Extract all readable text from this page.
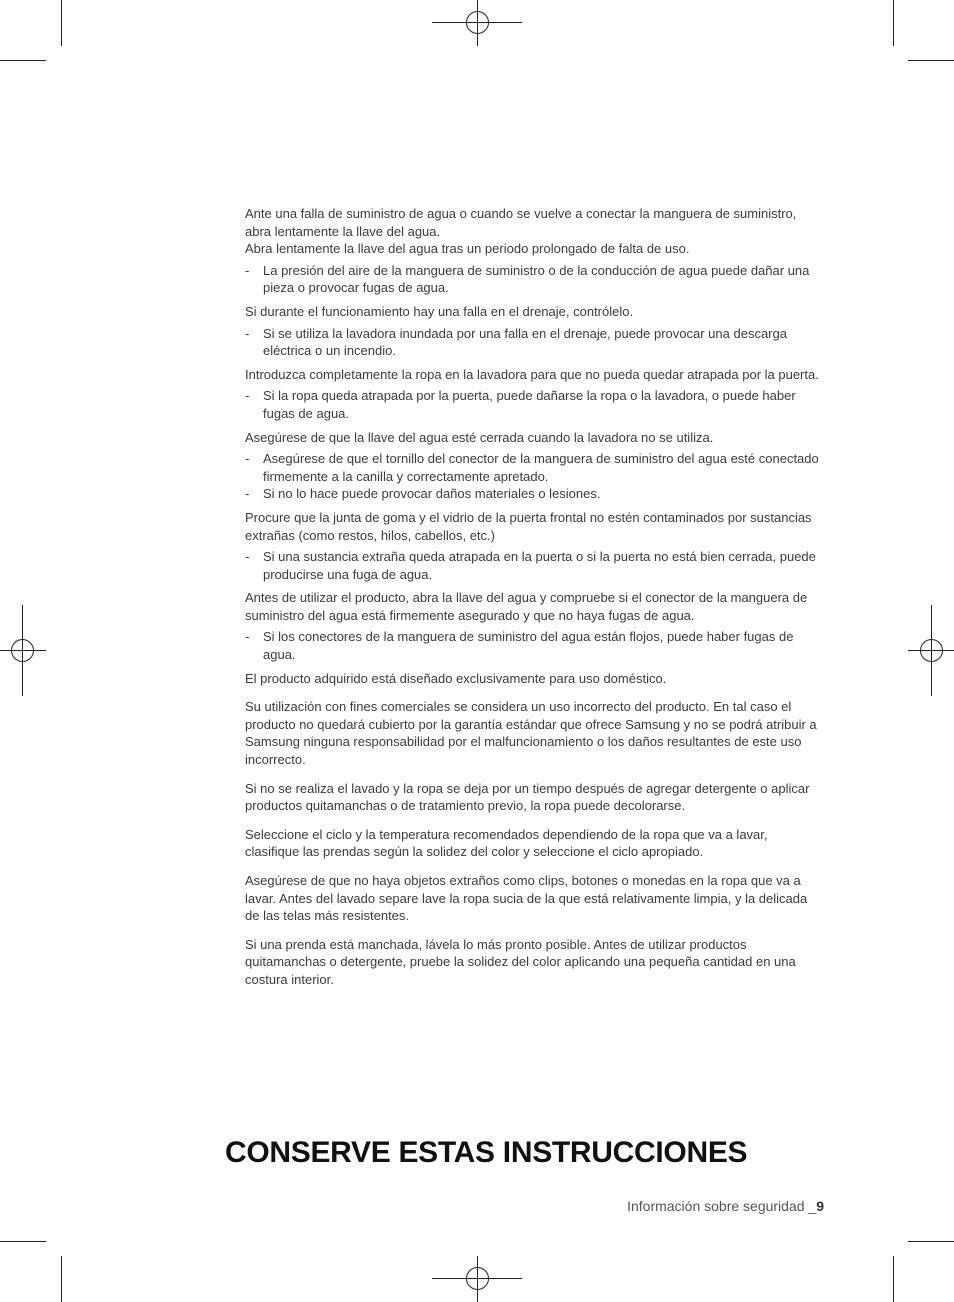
Ante una falla de suministro de agua o cuando se vuelve a conectar la manguera de suministro, abra lentamente la llave del agua.

Abra lentamente la llave del agua tras un periodo prolongado de falta de uso.

- La presión del aire de la manguera de suministro o de la conducción de agua puede dañar una pieza o provocar fugas de agua.

Si durante el funcionamiento hay una falla en el drenaje, contrólelo.

- Si se utiliza la lavadora inundada por una falla en el drenaje, puede provocar una descarga eléctrica o un incendio.

Introduzca completamente la ropa en la lavadora para que no pueda quedar atrapada por la puerta.

- Si la ropa queda atrapada por la puerta, puede dañarse la ropa o la lavadora, o puede haber fugas de agua.

Asegúrese de que la llave del agua esté cerrada cuando la lavadora no se utiliza.

- Asegúrese de que el tornillo del conector de la manguera de suministro del agua esté conectado firmemente a la canilla y correctamente apretado.
- Si no lo hace puede provocar daños materiales o lesiones.

Procure que la junta de goma y el vidrio de la puerta frontal no estén contaminados por sustancias extrañas (como restos, hilos, cabellos, etc.)

- Si una sustancia extraña queda atrapada en la puerta o si la puerta no está bien cerrada, puede producirse una fuga de agua.

Antes de utilizar el producto, abra la llave del agua y compruebe si el conector de la manguera de suministro del agua está firmemente asegurado y que no haya fugas de agua.

- Si los conectores de la manguera de suministro del agua están flojos, puede haber fugas de agua.

El producto adquirido está diseñado exclusivamente para uso doméstico.

Su utilización con fines comerciales se considera un uso incorrecto del producto. En tal caso el producto no quedará cubierto por la garantía estándar que ofrece Samsung y no se podrá atribuir a Samsung ninguna responsabilidad por el malfuncionamiento o los daños resultantes de este uso incorrecto.

Si no se realiza el lavado y la ropa se deja por un tiempo después de agregar detergente o aplicar productos quitamanchas o de tratamiento previo, la ropa puede decolorarse.

Seleccione el ciclo y la temperatura recomendados dependiendo de la ropa que va a lavar, clasifique las prendas según la solidez del color y seleccione el ciclo apropiado.

Asegúrese de que no haya objetos extraños como clips, botones o monedas en la ropa que va a lavar. Antes del lavado separe lave la ropa sucia de la que está relativamente limpia, y la delicada de las telas más resistentes.

Si una prenda está manchada, lávela lo más pronto posible. Antes de utilizar productos quitamanchas o detergente, pruebe la solidez del color aplicando una pequeña cantidad en una costura interior.

CONSERVE ESTAS INSTRUCCIONES
Información sobre seguridad _9
